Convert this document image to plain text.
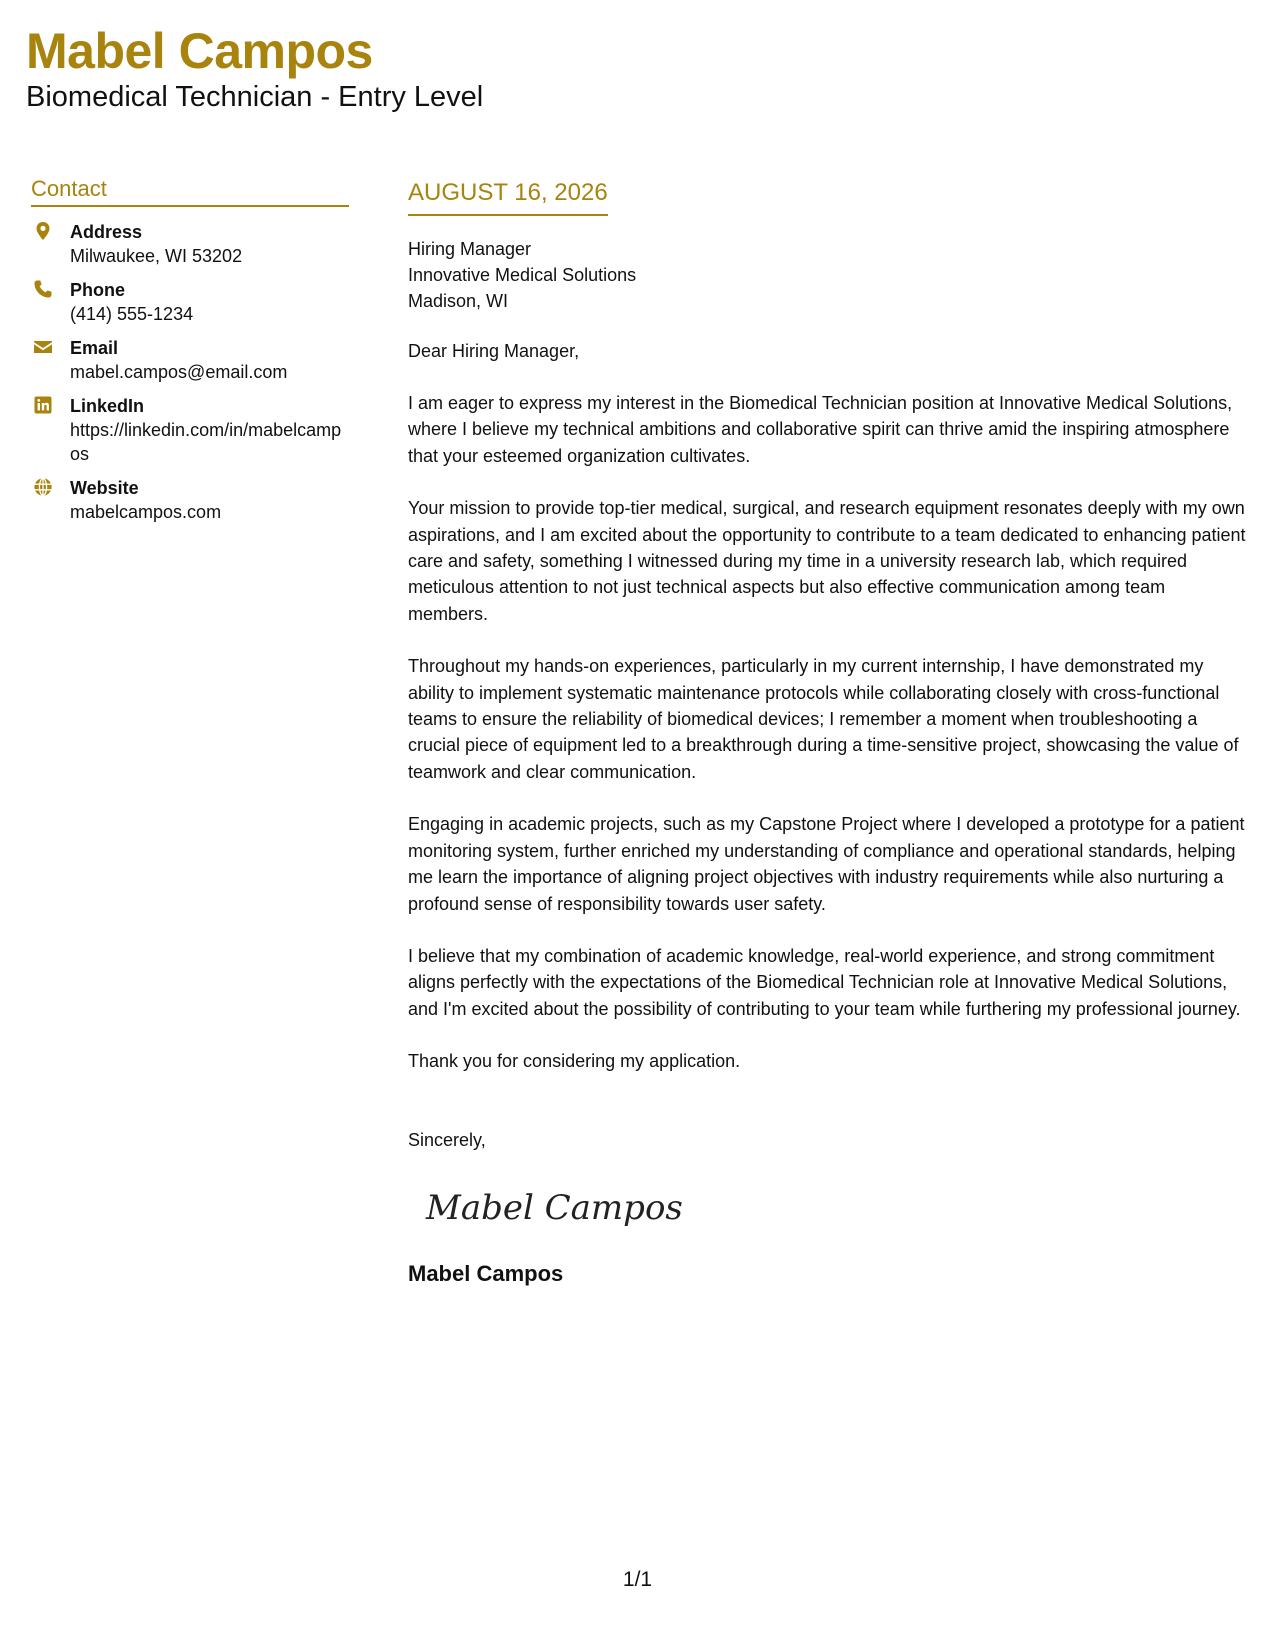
Mabel Campos
Biomedical Technician - Entry Level
Contact
Address
Milwaukee, WI 53202
Phone
(414) 555-1234
Email
mabel.campos@email.com
LinkedIn
https://linkedin.com/in/mabelcampos
Website
mabelcampos.com
AUGUST 16, 2026
Hiring Manager
Innovative Medical Solutions
Madison, WI
Dear Hiring Manager,
I am eager to express my interest in the Biomedical Technician position at Innovative Medical Solutions, where I believe my technical ambitions and collaborative spirit can thrive amid the inspiring atmosphere that your esteemed organization cultivates.
Your mission to provide top-tier medical, surgical, and research equipment resonates deeply with my own aspirations, and I am excited about the opportunity to contribute to a team dedicated to enhancing patient care and safety, something I witnessed during my time in a university research lab, which required meticulous attention to not just technical aspects but also effective communication among team members.
Throughout my hands-on experiences, particularly in my current internship, I have demonstrated my ability to implement systematic maintenance protocols while collaborating closely with cross-functional teams to ensure the reliability of biomedical devices; I remember a moment when troubleshooting a crucial piece of equipment led to a breakthrough during a time-sensitive project, showcasing the value of teamwork and clear communication.
Engaging in academic projects, such as my Capstone Project where I developed a prototype for a patient monitoring system, further enriched my understanding of compliance and operational standards, helping me learn the importance of aligning project objectives with industry requirements while also nurturing a profound sense of responsibility towards user safety.
I believe that my combination of academic knowledge, real-world experience, and strong commitment aligns perfectly with the expectations of the Biomedical Technician role at Innovative Medical Solutions, and I'm excited about the possibility of contributing to your team while furthering my professional journey.
Thank you for considering my application.
Sincerely,
Mabel Campos
Mabel Campos
1/1
